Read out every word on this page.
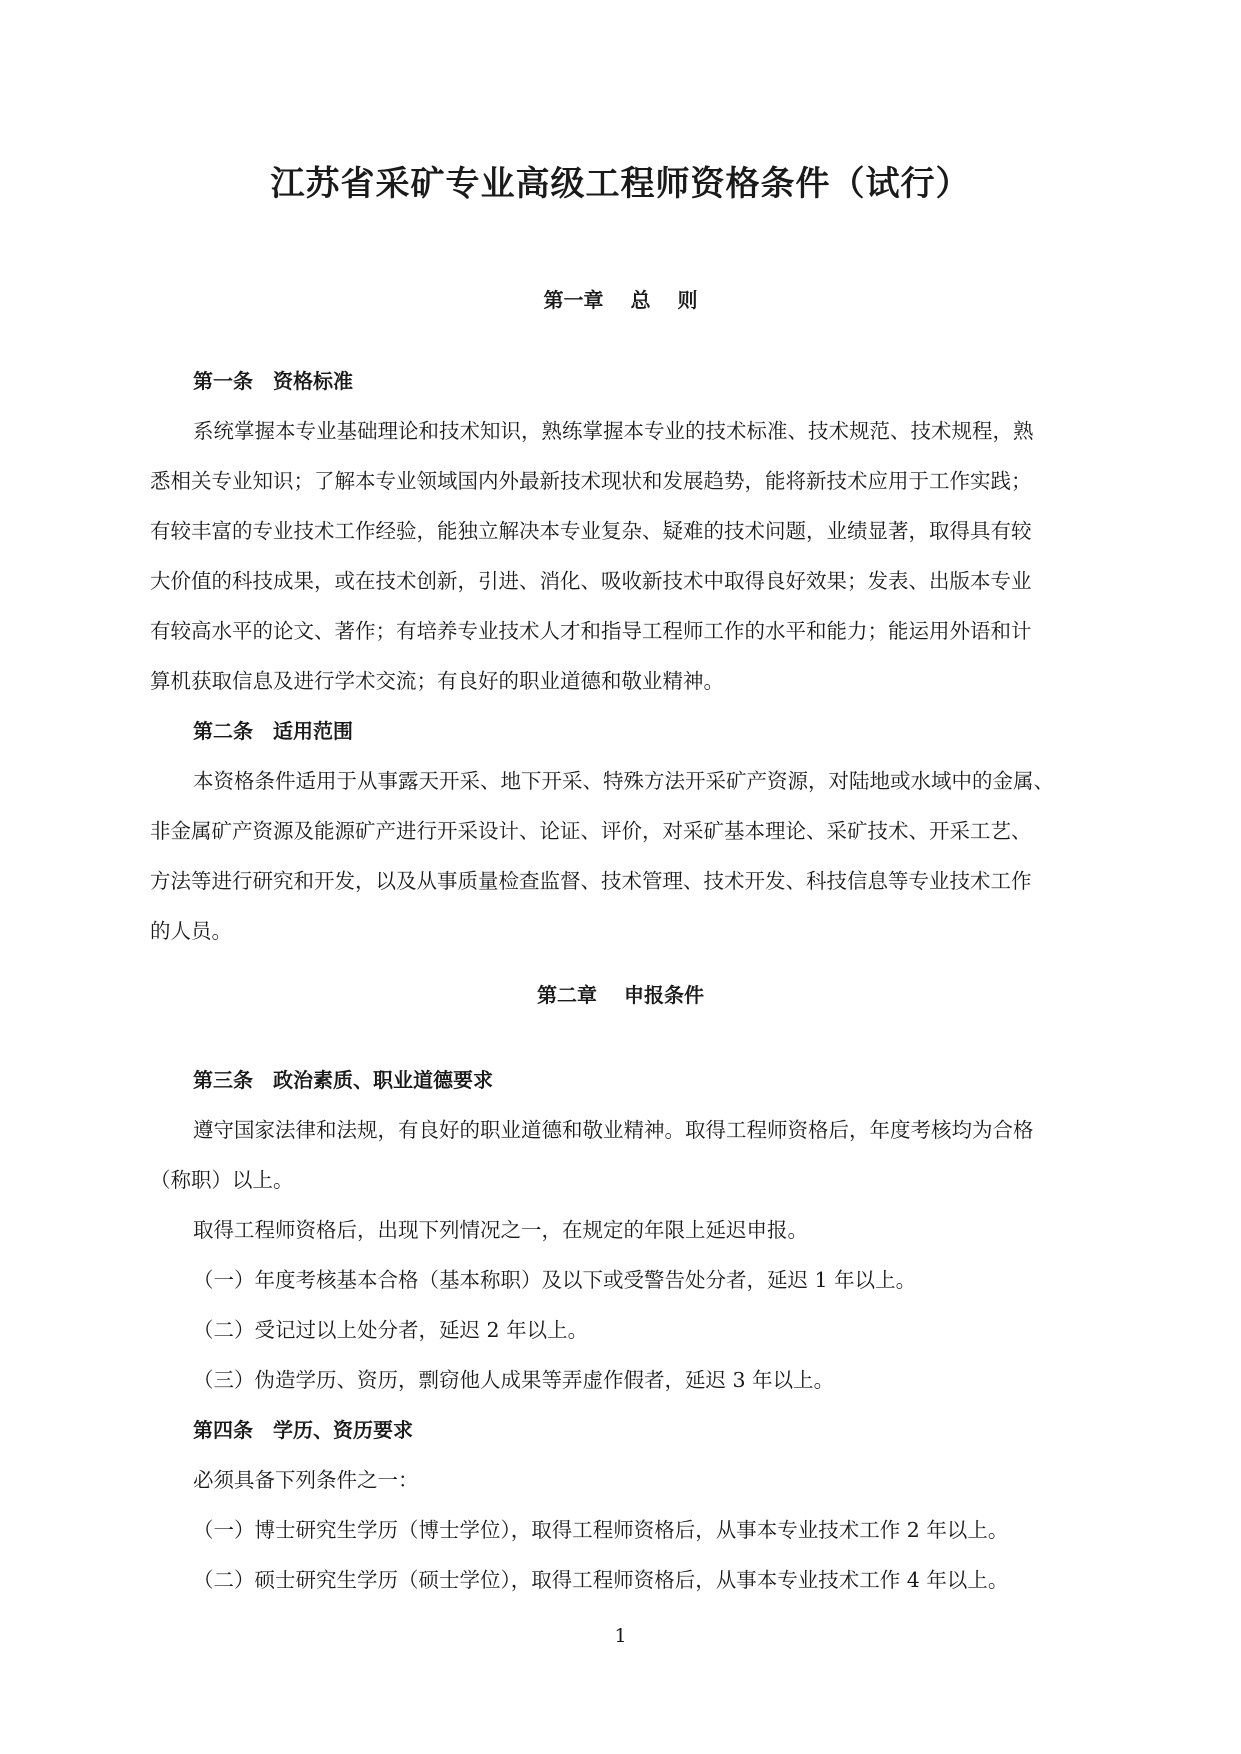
江苏省采矿专业高级工程师资格条件（试行）
第一章　 总　 则
第一条　资格标准
系统掌握本专业基础理论和技术知识，熟练掌握本专业的技术标准、技术规范、技术规程，熟
悉相关专业知识；了解本专业领域国内外最新技术现状和发展趋势，能将新技术应用于工作实践；
有较丰富的专业技术工作经验，能独立解决本专业复杂、疑难的技术问题，业绩显著，取得具有较
大价值的科技成果，或在技术创新，引进、消化、吸收新技术中取得良好效果；发表、出版本专业
有较高水平的论文、著作；有培养专业技术人才和指导工程师工作的水平和能力；能运用外语和计
算机获取信息及进行学术交流；有良好的职业道德和敬业精神。
第二条　适用范围
本资格条件适用于从事露天开采、地下开采、特殊方法开采矿产资源，对陆地或水域中的金属、
非金属矿产资源及能源矿产进行开采设计、论证、评价，对采矿基本理论、采矿技术、开采工艺、
方法等进行研究和开发，以及从事质量检查监督、技术管理、技术开发、科技信息等专业技术工作
的人员。
第二章　 申报条件
第三条　政治素质、职业道德要求
遵守国家法律和法规，有良好的职业道德和敬业精神。取得工程师资格后，年度考核均为合格
（称职）以上。
取得工程师资格后，出现下列情况之一，在规定的年限上延迟申报。
（一）年度考核基本合格（基本称职）及以下或受警告处分者，延迟 1 年以上。
（二）受记过以上处分者，延迟 2 年以上。
（三）伪造学历、资历，剽窃他人成果等弄虚作假者，延迟 3 年以上。
第四条　学历、资历要求
必须具备下列条件之一：
（一）博士研究生学历（博士学位），取得工程师资格后，从事本专业技术工作 2 年以上。
（二）硕士研究生学历（硕士学位），取得工程师资格后，从事本专业技术工作 4 年以上。
1
